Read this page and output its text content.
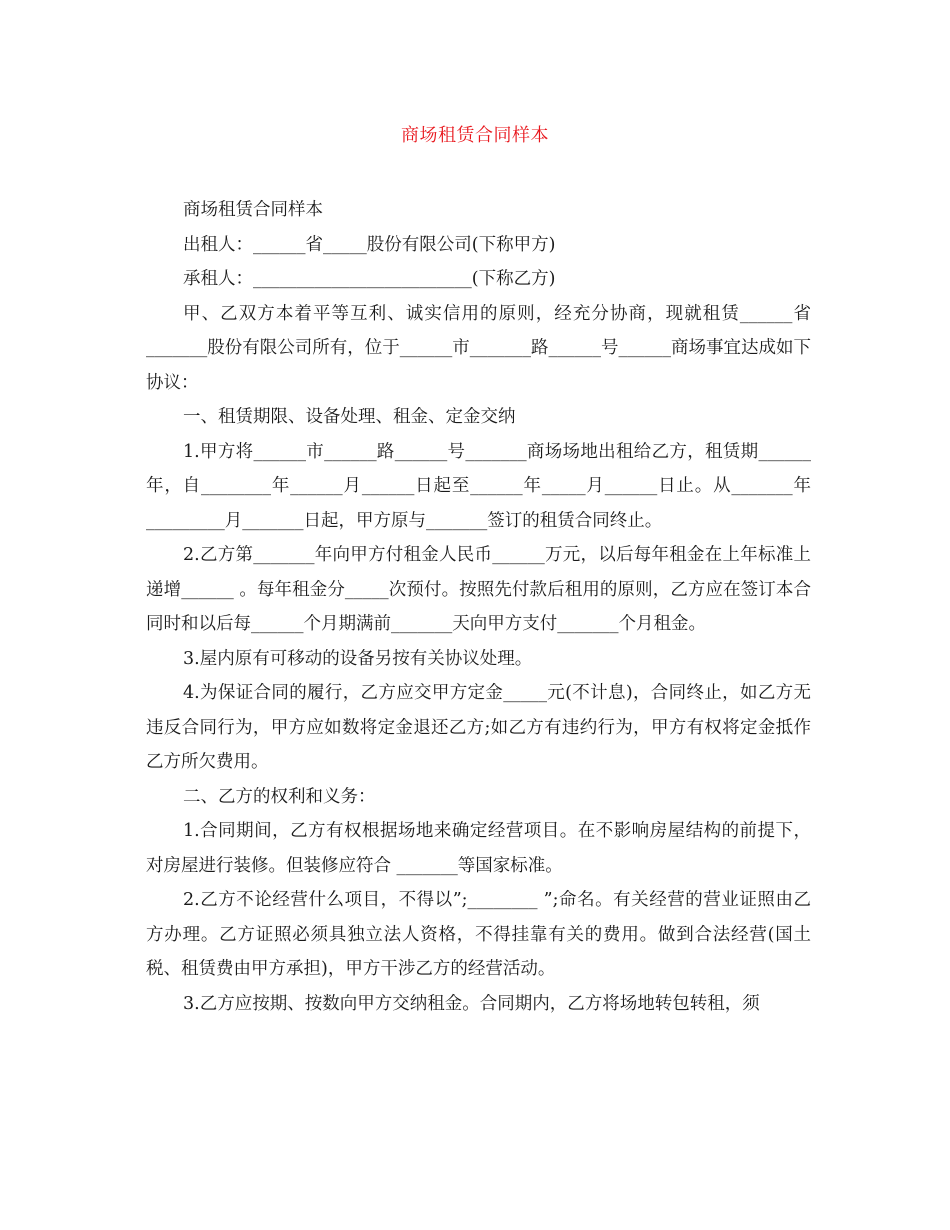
商场租赁合同样本

商场租赁合同样本

出租人：______省_____股份有限公司(下称甲方)

承租人：_________________________(下称乙方)

甲、乙双方本着平等互利、诚实信用的原则，经充分协商，现就租赁______省_______股份有限公司所有，位于______市_______路______号______商场事宜达成如下协议：

一、租赁期限、设备处理、租金、定金交纳

1.甲方将______市______路______号_______商场场地出租给乙方，租赁期______年，自________年______月______日起至______年_____月______日止。从_______年_________月_______日起，甲方原与_______签订的租赁合同终止。

2.乙方第_______年向甲方付租金人民币______万元，以后每年租金在上年标准上递增______ 。每年租金分_____次预付。按照先付款后租用的原则，乙方应在签订本合同时和以后每______个月期满前_______天向甲方支付_______个月租金。

3.屋内原有可移动的设备另按有关协议处理。

4.为保证合同的履行，乙方应交甲方定金_____元(不计息)，合同终止，如乙方无违反合同行为，甲方应如数将定金退还乙方;如乙方有违约行为，甲方有权将定金抵作乙方所欠费用。

二、乙方的权利和义务：

1.合同期间，乙方有权根据场地来确定经营项目。在不影响房屋结构的前提下，对房屋进行装修。但装修应符合 _______等国家标准。

2.乙方不论经营什么项目，不得以”;________ ”;命名。有关经营的营业证照由乙方办理。乙方证照必须具独立法人资格，不得挂靠有关的费用。做到合法经营(国土税、租赁费由甲方承担)，甲方干涉乙方的经营活动。

3.乙方应按期、按数向甲方交纳租金。合同期内，乙方将场地转包转租，须
